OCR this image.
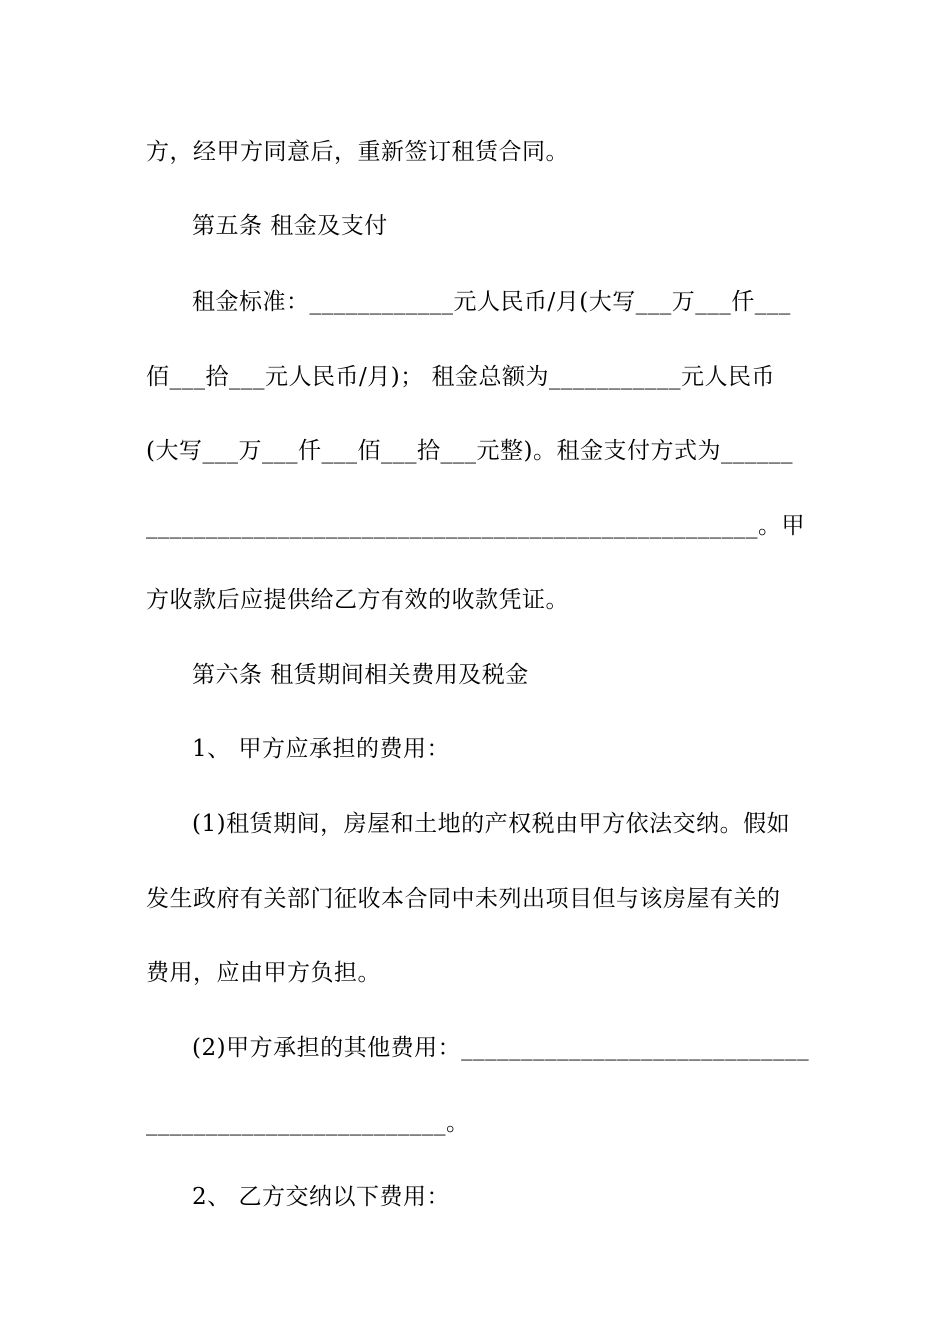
方，经甲方同意后，重新签订租赁合同。
第五条 租金及支付
租金标准：____________元人民币/月(大写___万___仟___
佰___拾___元人民币/月)； 租金总额为___________元人民币
(大写___万___仟___佰___拾___元整)。租金支付方式为______
___________________________________________________。甲
方收款后应提供给乙方有效的收款凭证。
第六条 租赁期间相关费用及税金
1、 甲方应承担的费用：
(1)租赁期间，房屋和土地的产权税由甲方依法交纳。假如
发生政府有关部门征收本合同中未列出项目但与该房屋有关的
费用，应由甲方负担。
(2)甲方承担的其他费用：_____________________________
_________________________。
2、 乙方交纳以下费用：
